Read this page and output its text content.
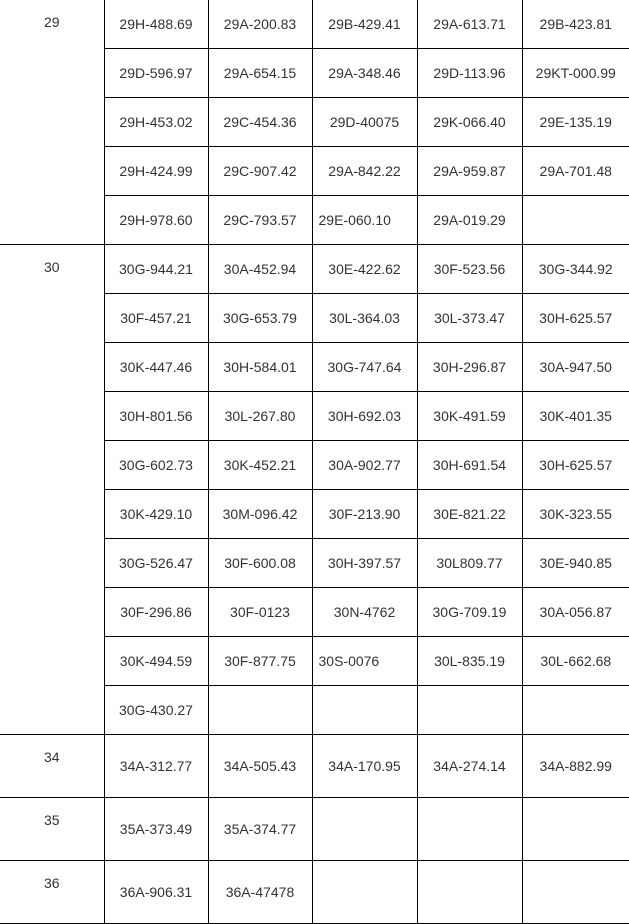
29	29H-488.69	29A-200.83	29B-429.41	29A-613.71	29B-423.81
	29D-596.97	29A-654.15	29A-348.46	29D-113.96	29KT-000.99
	29H-453.02	29C-454.36	29D-40075	29K-066.40	29E-135.19
	29H-424.99	29C-907.42	29A-842.22	29A-959.87	29A-701.48
	29H-978.60	29C-793.57	29E-060.10	29A-019.29	
30	30G-944.21	30A-452.94	30E-422.62	30F-523.56	30G-344.92
	30F-457.21	30G-653.79	30L-364.03	30L-373.47	30H-625.57
	30K-447.46	30H-584.01	30G-747.64	30H-296.87	30A-947.50
	30H-801.56	30L-267.80	30H-692.03	30K-491.59	30K-401.35
	30G-602.73	30K-452.21	30A-902.77	30H-691.54	30H-625.57
	30K-429.10	30M-096.42	30F-213.90	30E-821.22	30K-323.55
	30G-526.47	30F-600.08	30H-397.57	30L809.77	30E-940.85
	30F-296.86	30F-0123	30N-4762	30G-709.19	30A-056.87
	30K-494.59	30F-877.75	30S-0076	30L-835.19	30L-662.68
	30G-430.27				
34	34A-312.77	34A-505.43	34A-170.95	34A-274.14	34A-882.99
35	35A-373.49	35A-374.77			
36	36A-906.31	36A-47478			
